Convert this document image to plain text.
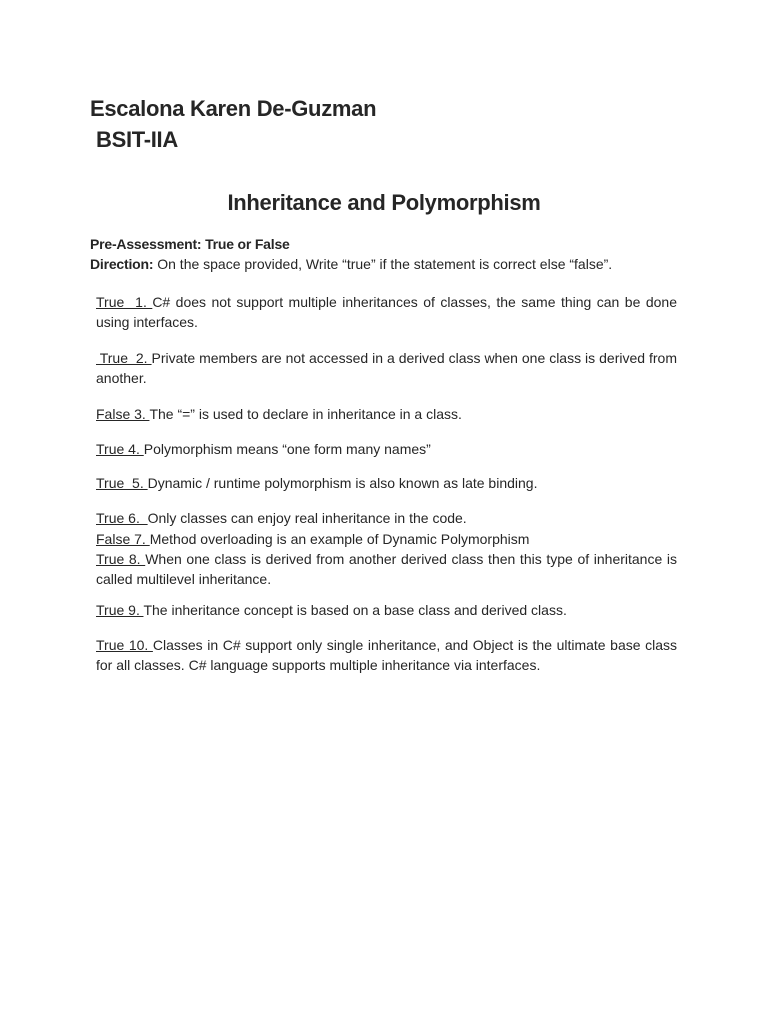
Escalona Karen De-Guzman
BSIT-IIA
Inheritance and Polymorphism
Pre-Assessment: True or False
Direction: On the space provided, Write “true” if the statement is correct else “false”.
True  1. C# does not support multiple inheritances of classes, the same thing can be done using interfaces.
True  2. Private members are not accessed in a derived class when one class is derived from another.
False 3. The “=” is used to declare in inheritance in a class.
True 4. Polymorphism means “one form many names”
True  5. Dynamic / runtime polymorphism is also known as late binding.
True 6.  Only classes can enjoy real inheritance in the code.
False 7. Method overloading is an example of Dynamic Polymorphism
True 8. When one class is derived from another derived class then this type of inheritance is called multilevel inheritance.
True 9. The inheritance concept is based on a base class and derived class.
True 10. Classes in C# support only single inheritance, and Object is the ultimate base class for all classes. C# language supports multiple inheritance via interfaces.
